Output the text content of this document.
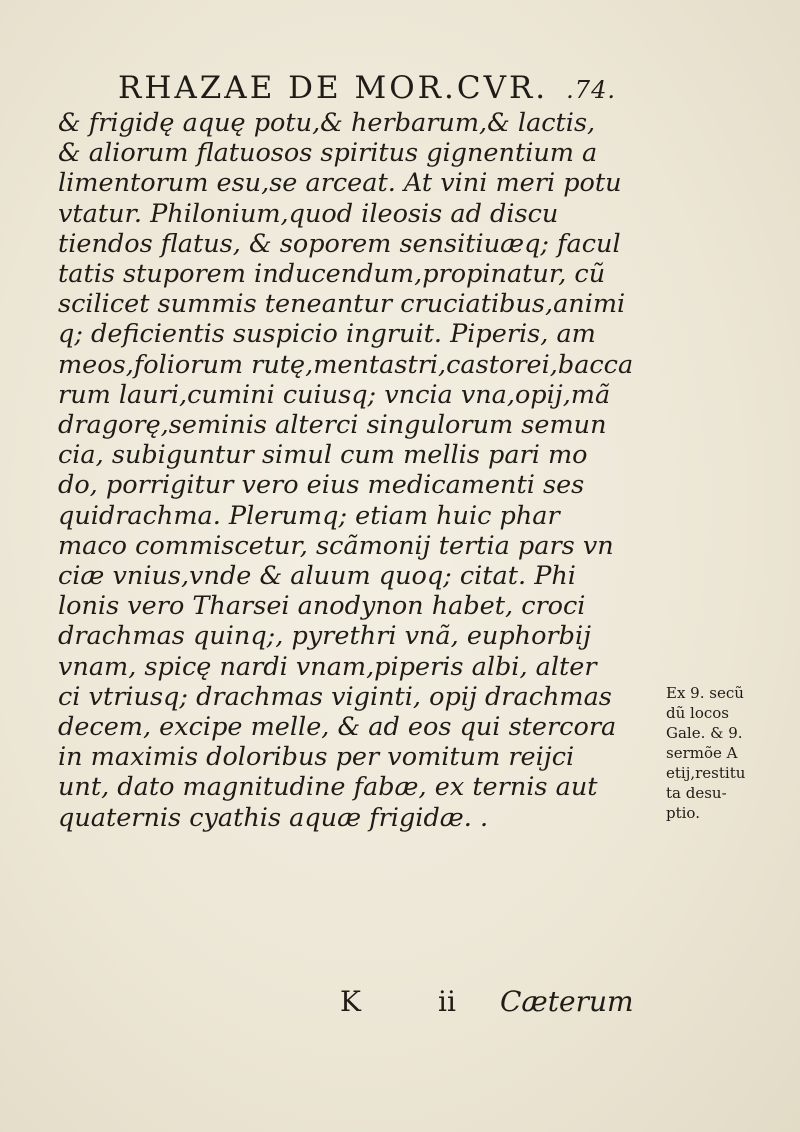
RHAZAE DE MOR.CVR. .74.
& frigidę aquę potu,& herbarum,& lactis,
& aliorum flatuosos spiritus gignentium a
limentorum esu,se arceat. At vini meri potu
vtatur. Philonium,quod ileosis ad discu
tiendos flatus, & soporem sensitiuæq; facul
tatis stuporem inducendum,propinatur, cũ
scilicet summis teneantur cruciatibus,animi
q; deficientis suspicio ingruit. Piperis, am
meos,foliorum rutę,mentastri,castorei,bacca
rum lauri,cumini cuiusq; vncia vna,opij,mã
dragorę,seminis alterci singulorum semun
cia, subiguntur simul cum mellis pari mo
do, porrigitur vero eius medicamenti ses
quidrachma. Plerumq; etiam huic phar
maco commiscetur, scãmonij tertia pars vn
ciæ vnius,vnde & aluum quoq; citat. Phi
lonis vero Tharsei anodynon habet, croci
drachmas quinq;, pyrethri vnã, euphorbij
vnam, spicę nardi vnam,piperis albi, alter
ci vtriusq; drachmas viginti, opij drachmas
decem, excipe melle, & ad eos qui stercora
in maximis doloribus per vomitum reijci
unt, dato magnitudine fabæ, ex ternis aut
quaternis cyathis aquæ frigidæ. .
Ex 9. secũ
dũ locos
Gale. & 9.
sermõe A
etij,restitu
ta desu-
ptio.
K	ii Cæterum
